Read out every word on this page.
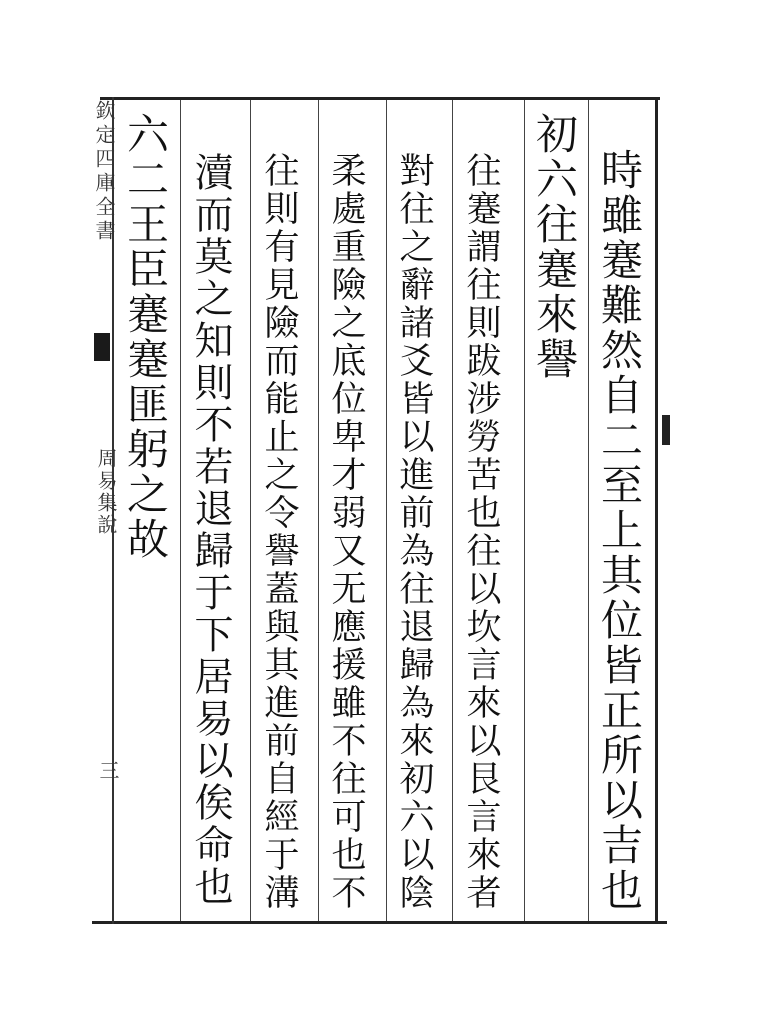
欽定四庫全書
周易集說
三	時雖蹇難然自二至上其位皆正所以吉也
初六往蹇來譽
往蹇謂往則跋涉勞苦也往以坎言來以艮言來者
對往之辭諸爻皆以進前為往退歸為來初六以陰
柔處重險之底位卑才弱又无應援雖不往可也不
往則有見險而能止之令譽蓋與其進前自經于溝
瀆而莫之知則不若退歸于下居易以俟命也
六二王臣蹇蹇匪躬之故
